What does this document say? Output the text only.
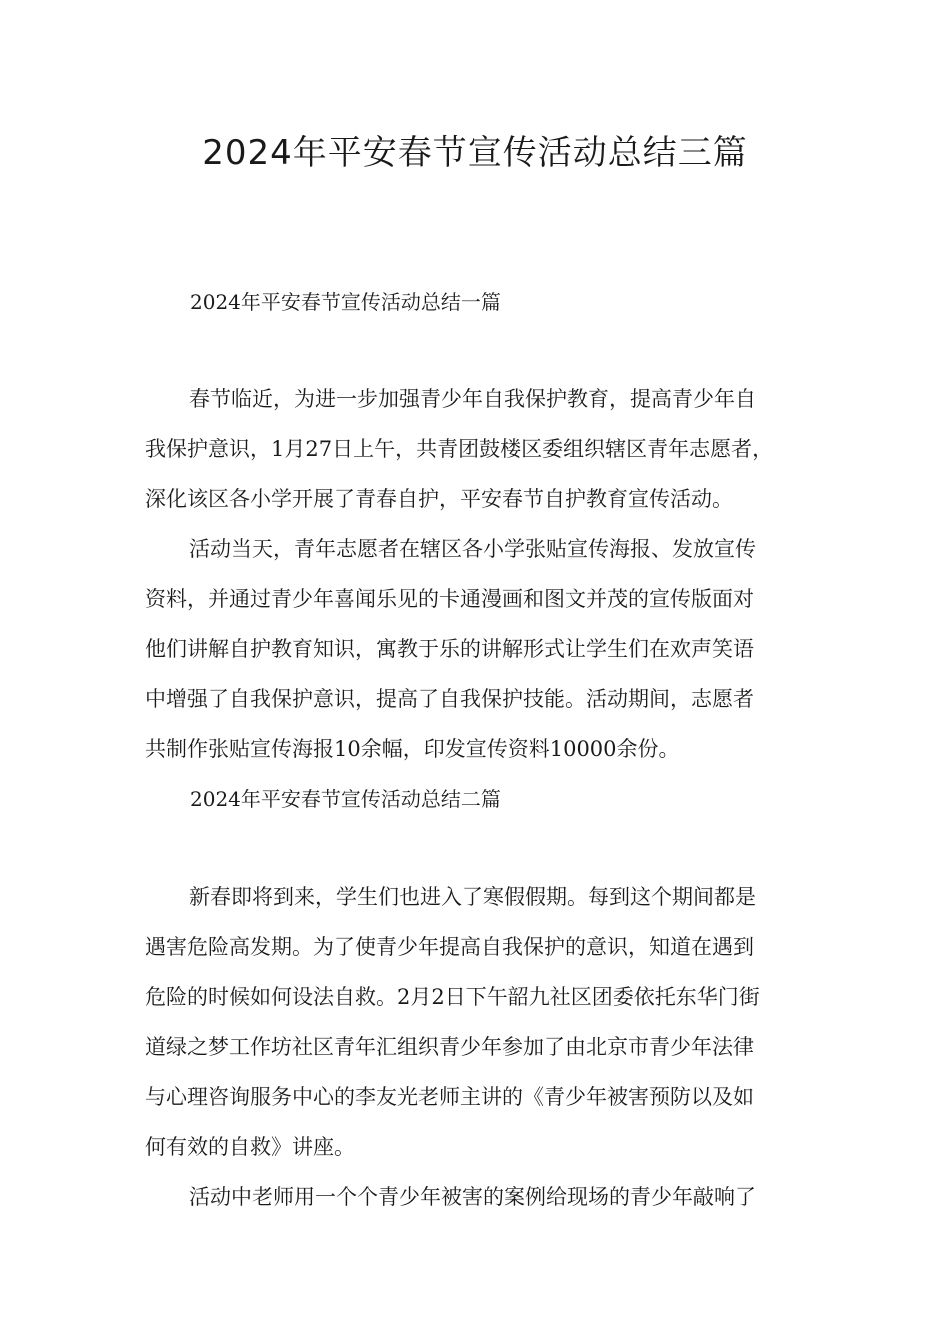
2024年平安春节宣传活动总结三篇
2024年平安春节宣传活动总结一篇

春节临近，为进一步加强青少年自我保护教育，提高青少年自
我保护意识，1月27日上午，共青团鼓楼区委组织辖区青年志愿者，
深化该区各小学开展了青春自护，平安春节自护教育宣传活动。

活动当天，青年志愿者在辖区各小学张贴宣传海报、发放宣传
资料，并通过青少年喜闻乐见的卡通漫画和图文并茂的宣传版面对
他们讲解自护教育知识，寓教于乐的讲解形式让学生们在欢声笑语
中增强了自我保护意识，提高了自我保护技能。活动期间，志愿者
共制作张贴宣传海报10余幅，印发宣传资料10000余份。

2024年平安春节宣传活动总结二篇

新春即将到来，学生们也进入了寒假假期。每到这个期间都是
遇害危险高发期。为了使青少年提高自我保护的意识，知道在遇到
危险的时候如何设法自救。2月2日下午韶九社区团委依托东华门街
道绿之梦工作坊社区青年汇组织青少年参加了由北京市青少年法律
与心理咨询服务中心的李友光老师主讲的《青少年被害预防以及如
何有效的自救》讲座。

活动中老师用一个个青少年被害的案例给现场的青少年敲响了
